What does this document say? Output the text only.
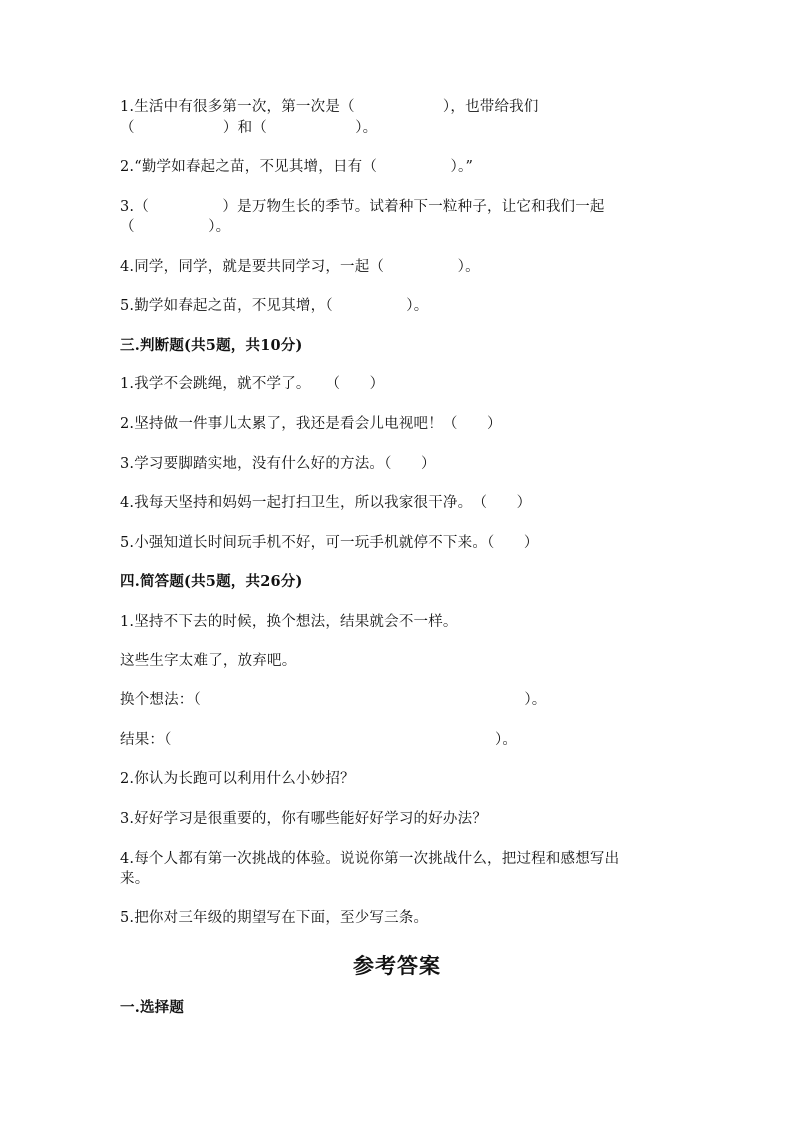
1.生活中有很多第一次，第一次是（　　　　　　），也带给我们
（　　　　　　）和（　　　　　　）。
2.“勤学如春起之苗，不见其增，日有（　　　　　）。”
3.（　　　　　）是万物生长的季节。试着种下一粒种子，让它和我们一起
（　　　　　）。
4.同学，同学，就是要共同学习，一起（　　　　　）。
5.勤学如春起之苗，不见其增，（　　　　　）。
三.判断题(共5题，共10分)
1.我学不会跳绳，就不学了。　　（　　）
2.坚持做一件事儿太累了，我还是看会儿电视吧！（　　）
3.学习要脚踏实地，没有什么好的方法。（　　）
4.我每天坚持和妈妈一起打扫卫生，所以我家很干净。　（　　）
5.小强知道长时间玩手机不好，可一玩手机就停不下来。（　　）
四.简答题(共5题，共26分)
1.坚持不下去的时候，换个想法，结果就会不一样。
这些生字太难了，放弃吧。
换个想法：（　　　　　　　　　　　　　　　　　　　　　　）。
结果：（　　　　　　　　　　　　　　　　　　　　　　）。
2.你认为长跑可以利用什么小妙招？
3.好好学习是很重要的，你有哪些能好好学习的好办法？
4.每个人都有第一次挑战的体验。说说你第一次挑战什么，把过程和感想写出
来。
5.把你对三年级的期望写在下面，至少写三条。
参考答案
一.选择题
